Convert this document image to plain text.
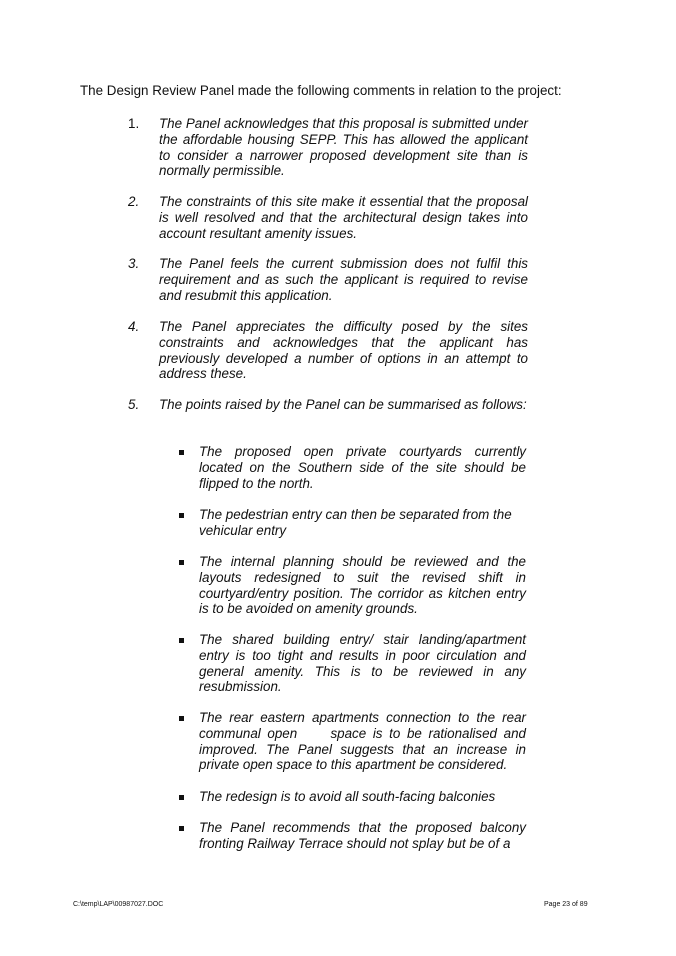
The Design Review Panel made the following comments in relation to the project:
1.	The Panel acknowledges that this proposal is submitted under the affordable housing SEPP. This has allowed the applicant to consider a narrower proposed development site than is normally permissible.
2.	The constraints of this site make it essential that the proposal is well resolved and that the architectural design takes into account resultant amenity issues.
3.	The Panel feels the current submission does not fulfil this requirement and as such the applicant is required to revise and resubmit this application.
4.	The Panel appreciates the difficulty posed by the sites constraints and acknowledges that the applicant has previously developed a number of options in an attempt to address these.
5.	The points raised by the Panel can be summarised as follows:
The proposed open private courtyards currently located on the Southern side of the site should be flipped to the north.
The pedestrian entry can then be separated from the vehicular entry
The internal planning should be reviewed and the layouts redesigned to suit the revised shift in courtyard/entry position. The corridor as kitchen entry is to be avoided on amenity grounds.
The shared building entry/ stair landing/apartment entry is too tight and results in poor circulation and general amenity. This is to be reviewed in any resubmission.
The rear eastern apartments connection to the rear communal open     space is to be rationalised and improved. The Panel suggests that an increase in private open space to this apartment be considered.
The redesign is to avoid all south-facing balconies
The Panel recommends that the proposed balcony fronting Railway Terrace should not splay but be of a
C:\temp\LAP\00987027.DOC	Page 23 of 89
